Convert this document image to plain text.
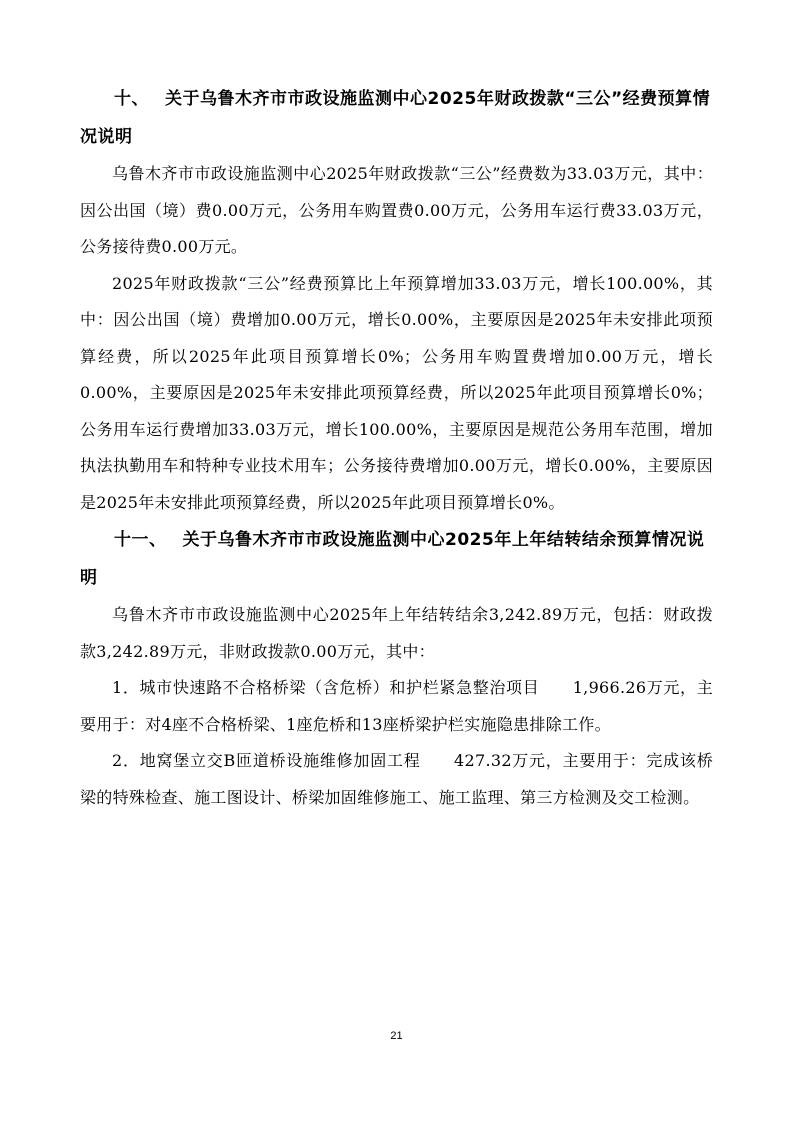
十、 关于乌鲁木齐市市政设施监测中心2025年财政拨款“三公”经费预算情况说明

乌鲁木齐市市政设施监测中心2025年财政拨款“三公”经费数为33.03万元，其中：因公出国（境）费0.00万元，公务用车购置费0.00万元，公务用车运行费33.03万元，公务接待费0.00万元。

2025年财政拨款“三公”经费预算比上年预算增加33.03万元，增长100.00%，其中：因公出国（境）费增加0.00万元，增长0.00%，主要原因是2025年未安排此项预算经费，所以2025年此项目预算增长0%；公务用车购置费增加0.00万元，增长0.00%，主要原因是2025年未安排此项预算经费，所以2025年此项目预算增长0%；公务用车运行费增加33.03万元，增长100.00%，主要原因是规范公务用车范围，增加执法执勤用车和特种专业技术用车；公务接待费增加0.00万元，增长0.00%，主要原因是2025年未安排此项预算经费，所以2025年此项目预算增长0%。

十一、 关于乌鲁木齐市市政设施监测中心2025年上年结转结余预算情况说明

乌鲁木齐市市政设施监测中心2025年上年结转结余3,242.89万元，包括：财政拨款3,242.89万元，非财政拨款0.00万元，其中：

1．城市快速路不合格桥梁（含危桥）和护栏紧急整治项目　　1,966.26万元，主要用于：对4座不合格桥梁、1座危桥和13座桥梁护栏实施隐患排除工作。

2．地窝堡立交B匝道桥设施维修加固工程　　427.32万元，主要用于：完成该桥梁的特殊检查、施工图设计、桥梁加固维修施工、施工监理、第三方检测及交工检测。

21
